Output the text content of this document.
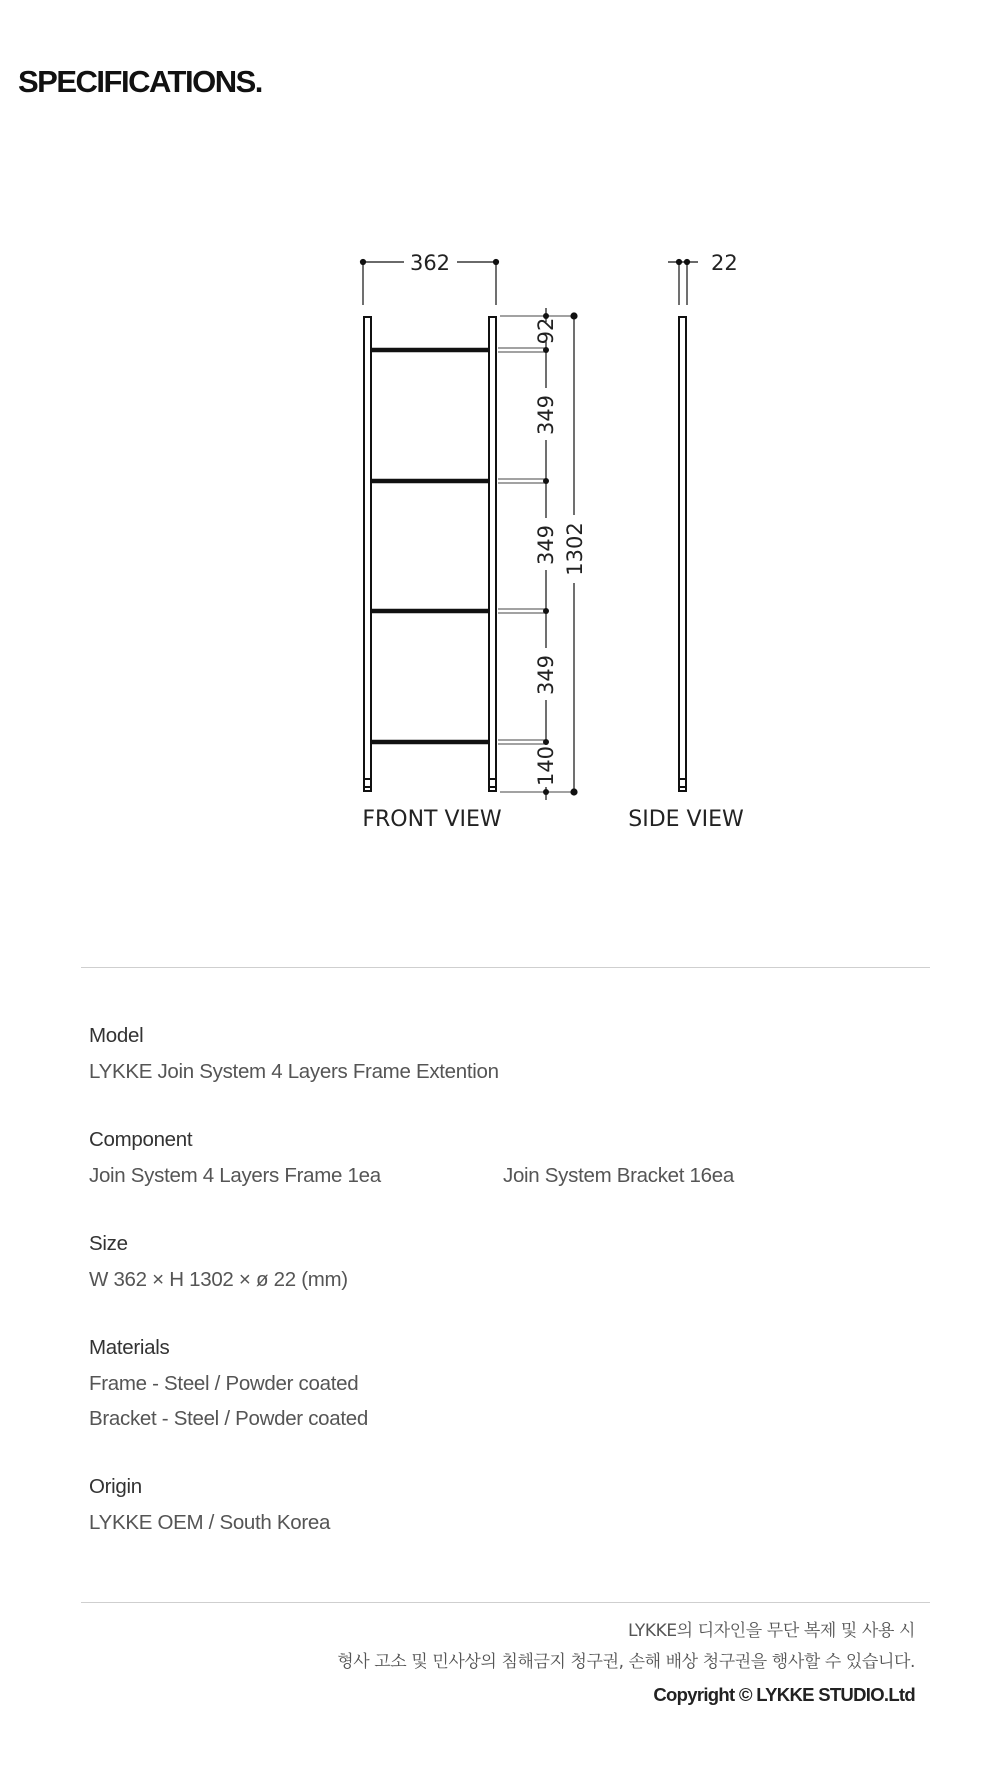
SPECIFICATIONS.
362
92
349
349
349
140
1302
22
FRONT VIEW	SIDE VIEW
Model
LYKKE Join System 4 Layers Frame Extention
Component
Join System 4 Layers Frame 1ea	Join System Bracket 16ea
Size
W 362 × H 1302 × ø 22 (mm)
Materials
Frame - Steel / Powder coated
Bracket - Steel / Powder coated
Origin
LYKKE OEM / South Korea
LYKKE의 디자인을 무단 복제 및 사용 시
형사 고소 및 민사상의 침해금지 청구권, 손해 배상 청구권을 행사할 수 있습니다.
Copyright © LYKKE STUDIO.Ltd
